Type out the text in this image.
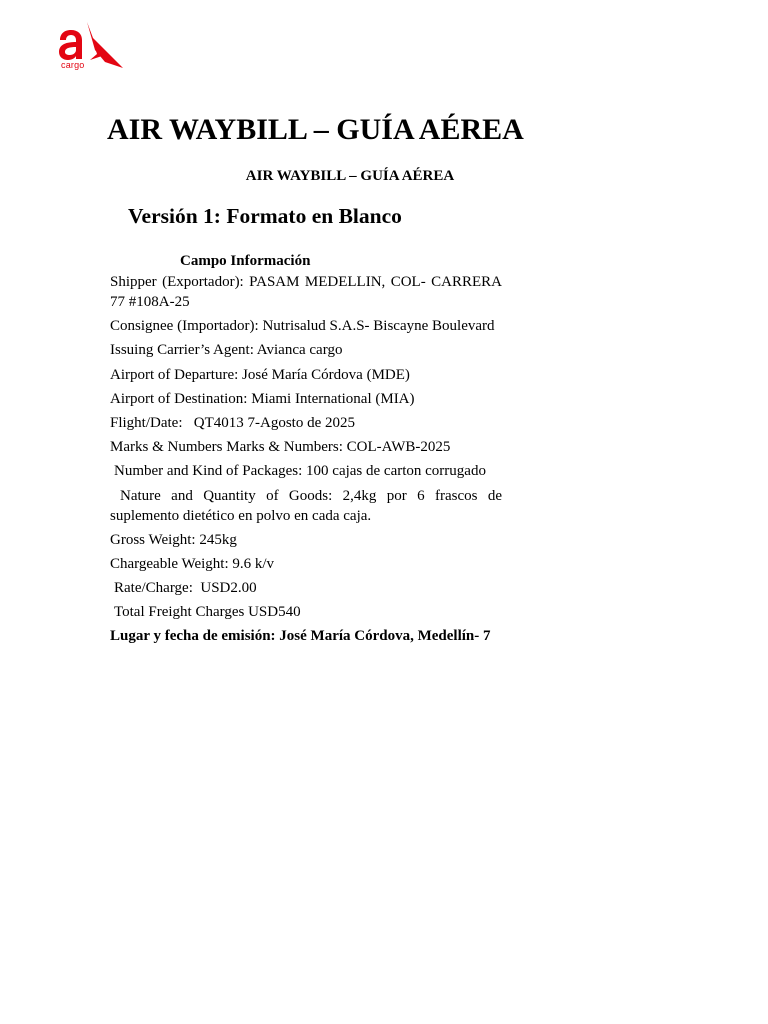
cargo
AIR WAYBILL – GUÍA AÉREA
AIR WAYBILL – GUÍA AÉREA
Versión 1: Formato en Blanco
Campo Información

Shipper (Exportador): PASAM MEDELLIN, COL- CARRERA 77 #108A-25

Consignee (Importador): Nutrisalud S.A.S- Biscayne Boulevard

Issuing Carrier’s Agent: Avianca cargo

Airport of Departure: José María Córdova (MDE)

Airport of Destination: Miami International (MIA)

Flight/Date:   QT4013 7-Agosto de 2025

Marks & Numbers Marks & Numbers: COL-AWB-2025

Number and Kind of Packages: 100 cajas de carton corrugado

Nature and Quantity of Goods: 2,4kg por 6 frascos de suplemento dietético en polvo en cada caja.

Gross Weight: 245kg

Chargeable Weight: 9.6 k/v

Rate/Charge:  USD2.00

Total Freight Charges USD540

Lugar y fecha de emisión: José María Córdova, Medellín- 7
